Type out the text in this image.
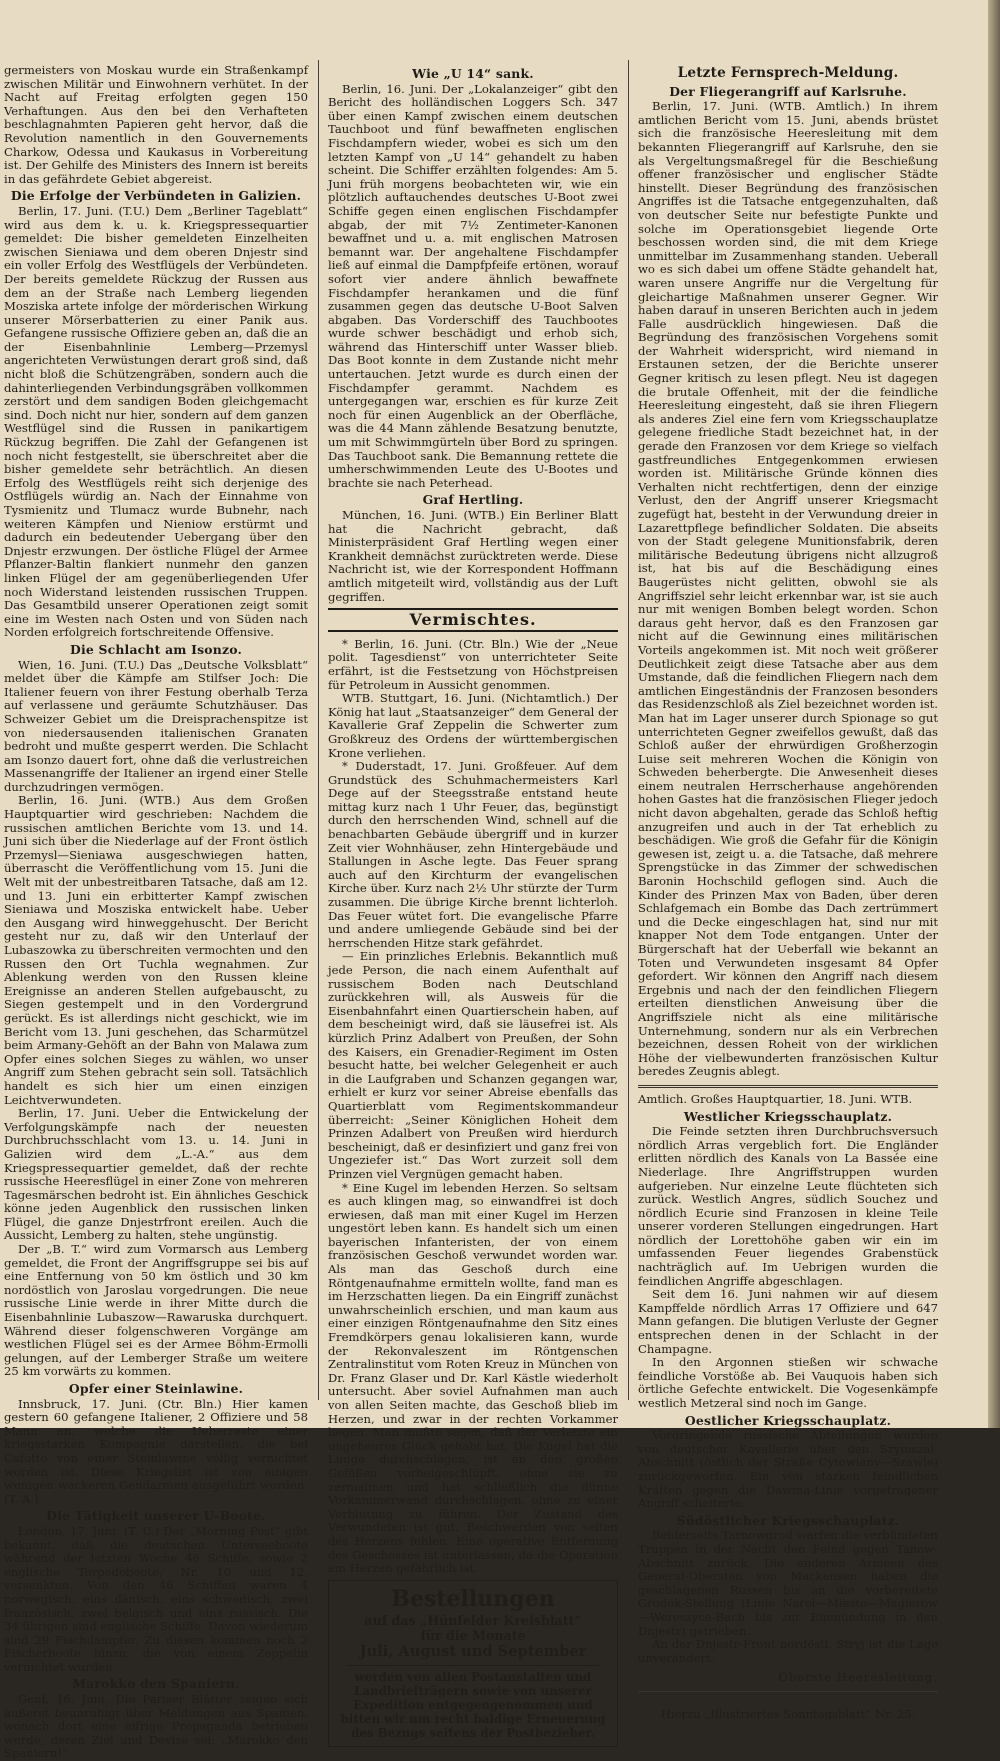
germeisters von Moskau wurde ein Straßenkampf zwischen Militär und Einwohnern verhütet. In der Nacht auf Freitag erfolgten gegen 150 Verhaftungen. Aus den bei den Verhafteten beschlagnahmten Papieren geht hervor, daß die Revolution namentlich in den Gouvernements Charkow, Odessa und Kaukasus in Vorbereitung ist. Der Gehilfe des Ministers des Innern ist bereits in das gefährdete Gebiet abgereist.

Die Erfolge der Verbündeten in Galizien.

Berlin, 17. Juni. (T.U.) Dem „Berliner Tageblatt“ wird aus dem k. u. k. Kriegspressequartier gemeldet: Die bisher gemeldeten Einzelheiten zwischen Sieniawa und dem oberen Dnjestr sind ein voller Erfolg des Westflügels der Verbündeten. Der bereits gemeldete Rückzug der Russen aus dem an der Straße nach Lemberg liegenden Mosziska artete infolge der mörderischen Wirkung unserer Mörserbatterien zu einer Panik aus. Gefangene russische Offiziere geben an, daß die an der Eisenbahnlinie Lemberg—Przemysl angerichteten Verwüstungen derart groß sind, daß nicht bloß die Schützengräben, sondern auch die dahinterliegenden Verbindungsgräben vollkommen zerstört und dem sandigen Boden gleichgemacht sind. Doch nicht nur hier, sondern auf dem ganzen Westflügel sind die Russen in panikartigem Rückzug begriffen. Die Zahl der Gefangenen ist noch nicht festgestellt, sie überschreitet aber die bisher gemeldete sehr beträchtlich. An diesen Erfolg des Westflügels reiht sich derjenige des Ostflügels würdig an. Nach der Einnahme von Tysmienitz und Tlumacz wurde Bubnehr, nach weiteren Kämpfen und Nieniow erstürmt und dadurch ein bedeutender Uebergang über den Dnjestr erzwungen. Der östliche Flügel der Armee Pflanzer-Baltin flankiert nunmehr den ganzen linken Flügel der am gegenüberliegenden Ufer noch Widerstand leistenden russischen Truppen. Das Gesamtbild unserer Operationen zeigt somit eine im Westen nach Osten und von Süden nach Norden erfolgreich fortschreitende Offensive.

Die Schlacht am Isonzo.

Wien, 16. Juni. (T.U.) Das „Deutsche Volksblatt“ meldet über die Kämpfe am Stilfser Joch: Die Italiener feuern von ihrer Festung oberhalb Terza auf verlassene und geräumte Schutzhäuser. Das Schweizer Gebiet um die Dreisprachenspitze ist von niedersausenden italienischen Granaten bedroht und mußte gesperrt werden. Die Schlacht am Isonzo dauert fort, ohne daß die verlustreichen Massenangriffe der Italiener an irgend einer Stelle durchzudringen vermögen.

Berlin, 16. Juni. (WTB.) Aus dem Großen Hauptquartier wird geschrieben: Nachdem die russischen amtlichen Berichte vom 13. und 14. Juni sich über die Niederlage auf der Front östlich Przemysl—Sieniawa ausgeschwiegen hatten, überrascht die Veröffentlichung vom 15. Juni die Welt mit der unbestreitbaren Tatsache, daß am 12. und 13. Juni ein erbitterter Kampf zwischen Sieniawa und Mosziska entwickelt habe. Ueber den Ausgang wird hinweggehuscht. Der Bericht gesteht nur zu, daß wir den Unterlauf der Lubaszowka zu überschreiten vermochten und den Russen den Ort Tuchla wegnahmen. Zur Ablenkung werden von den Russen kleine Ereignisse an anderen Stellen aufgebauscht, zu Siegen gestempelt und in den Vordergrund gerückt. Es ist allerdings nicht geschickt, wie im Bericht vom 13. Juni geschehen, das Scharmützel beim Armany-Gehöft an der Bahn von Malawa zum Opfer eines solchen Sieges zu wählen, wo unser Angriff zum Stehen gebracht sein soll. Tatsächlich handelt es sich hier um einen einzigen Leichtverwundeten.

Berlin, 17. Juni. Ueber die Entwickelung der Verfolgungskämpfe nach der neuesten Durchbruchsschlacht vom 13. u. 14. Juni in Galizien wird dem „L.-A.“ aus dem Kriegspressequartier gemeldet, daß der rechte russische Heeresflügel in einer Zone von mehreren Tagesmärschen bedroht ist. Ein ähnliches Geschick könne jeden Augenblick den russischen linken Flügel, die ganze Dnjestrfront ereilen. Auch die Aussicht, Lemberg zu halten, stehe ungünstig.

Der „B. T.“ wird zum Vormarsch aus Lemberg gemeldet, die Front der Angriffsgruppe sei bis auf eine Entfernung von 50 km östlich und 30 km nordöstlich von Jaroslau vorgedrungen. Die neue russische Linie werde in ihrer Mitte durch die Eisenbahnlinie Lubaszow—Rawaruska durchquert. Während dieser folgenschweren Vorgänge am westlichen Flügel sei es der Armee Böhm-Ermolli gelungen, auf der Lemberger Straße um weitere 25 km vorwärts zu kommen.

Opfer einer Steinlawine.

Innsbruck, 17. Juni. (Ctr. Bln.) Hier kamen gestern 60 gefangene Italiener, 2 Offiziere und 58 Mann an, welche die Ueberreste einer kriegsstarken Kompagnie darstellen, die bei Cafotto von einer Steinlawine völlig vernichtet worden ist. Diese Kriegslist ist von einigen wenigen wackeren Gendarmen ausgeführt worden. (T. A.)

Die Tätigkeit unserer U-Boote.

London, 17. Juni. (T. U.) Der „Morning Post“ gibt bekannt, daß die deutschen Unterseeboote während der letzten Woche 46 Schiffe, sowie 2 englische Torpedoboote, Nr. 10 und 12, versenkten. Von den 46 Schiffen waren 4 norwegisch, eins dänisch, eins schwedisch, zwei französisch, zwei belgisch und eins russisch. Die 34 übrigen sind englische Schiffe. Davon wiederum sind 29 Fischdampfer. Zu diesen kommen noch 2 Fischerboote hinzu, die von einem Zeppelin vernichtet wurden.

Marokko den Spaniern.

Genf, 16. Juni. Die Pariser Blätter zeigen sich äußerst beunruhigt über Meldungen aus Spanien, wonach dort eine eifrige Propaganda betrieben werde, deren Ziel und Devise sei: „Marokko den Spaniern!“

Wie „U 14“ sank.

Berlin, 16. Juni. Der „Lokalanzeiger“ gibt den Bericht des holländischen Loggers Sch. 347 über einen Kampf zwischen einem deutschen Tauchboot und fünf bewaffneten englischen Fischdampfern wieder, wobei es sich um den letzten Kampf von „U 14“ gehandelt zu haben scheint. Die Schiffer erzählten folgendes: Am 5. Juni früh morgens beobachteten wir, wie ein plötzlich auftauchendes deutsches U-Boot zwei Schiffe gegen einen englischen Fischdampfer abgab, der mit 7½ Zentimeter-Kanonen bewaffnet und u. a. mit englischen Matrosen bemannt war. Der angehaltene Fischdampfer ließ auf einmal die Dampfpfeife ertönen, worauf sofort vier andere ähnlich bewaffnete Fischdampfer herankamen und die fünf zusammen gegen das deutsche U-Boot Salven abgaben. Das Vorderschiff des Tauchbootes wurde schwer beschädigt und erhob sich, während das Hinterschiff unter Wasser blieb. Das Boot konnte in dem Zustande nicht mehr untertauchen. Jetzt wurde es durch einen der Fischdampfer gerammt. Nachdem es untergegangen war, erschien es für kurze Zeit noch für einen Augenblick an der Oberfläche, was die 44 Mann zählende Besatzung benutzte, um mit Schwimmgürteln über Bord zu springen. Das Tauchboot sank. Die Bemannung rettete die umherschwimmenden Leute des U-Bootes und brachte sie nach Peterhead.

Graf Hertling.

München, 16. Juni. (WTB.) Ein Berliner Blatt hat die Nachricht gebracht, daß Ministerpräsident Graf Hertling wegen einer Krankheit demnächst zurücktreten werde. Diese Nachricht ist, wie der Korrespondent Hoffmann amtlich mitgeteilt wird, vollständig aus der Luft gegriffen.

Vermischtes.

* Berlin, 16. Juni. (Ctr. Bln.) Wie der „Neue polit. Tagesdienst“ von unterrichteter Seite erfährt, ist die Festsetzung von Höchstpreisen für Petroleum in Aussicht genommen.

WTB. Stuttgart, 16. Juni. (Nichtamtlich.) Der König hat laut „Staatsanzeiger“ dem General der Kavallerie Graf Zeppelin die Schwerter zum Großkreuz des Ordens der württembergischen Krone verliehen.

* Duderstadt, 17. Juni. Großfeuer. Auf dem Grundstück des Schuhmachermeisters Karl Dege auf der Steegsstraße entstand heute mittag kurz nach 1 Uhr Feuer, das, begünstigt durch den herrschenden Wind, schnell auf die benachbarten Gebäude übergriff und in kurzer Zeit vier Wohnhäuser, zehn Hintergebäude und Stallungen in Asche legte. Das Feuer sprang auch auf den Kirchturm der evangelischen Kirche über. Kurz nach 2½ Uhr stürzte der Turm zusammen. Die übrige Kirche brennt lichterloh. Das Feuer wütet fort. Die evangelische Pfarre und andere umliegende Gebäude sind bei der herrschenden Hitze stark gefährdet.

— Ein prinzliches Erlebnis. Bekanntlich muß jede Person, die nach einem Aufenthalt auf russischem Boden nach Deutschland zurückkehren will, als Ausweis für die Eisenbahnfahrt einen Quartierschein haben, auf dem bescheinigt wird, daß sie läusefrei ist. Als kürzlich Prinz Adalbert von Preußen, der Sohn des Kaisers, ein Grenadier-Regiment im Osten besucht hatte, bei welcher Gelegenheit er auch in die Laufgraben und Schanzen gegangen war, erhielt er kurz vor seiner Abreise ebenfalls das Quartierblatt vom Regimentskommandeur überreicht: „Seiner Königlichen Hoheit dem Prinzen Adalbert von Preußen wird hierdurch bescheinigt, daß er desinfiziert und ganz frei von Ungeziefer ist.“ Das Wort zurzeit soll dem Prinzen viel Vergnügen gemacht haben.

* Eine Kugel im lebenden Herzen. So seltsam es auch klingen mag, so einwandfrei ist doch erwiesen, daß man mit einer Kugel im Herzen ungestört leben kann. Es handelt sich um einen bayerischen Infanteristen, der von einem französischen Geschoß verwundet worden war. Als man das Geschoß durch eine Röntgenaufnahme ermitteln wollte, fand man es im Herzschatten liegen. Da ein Eingriff zunächst unwahrscheinlich erschien, und man kaum aus einer einzigen Röntgenaufnahme den Sitz eines Fremdkörpers genau lokalisieren kann, wurde der Rekonvaleszent im Röntgenschen Zentralinstitut vom Roten Kreuz in München von Dr. Franz Glaser und Dr. Karl Kästle wiederholt untersucht. Aber soviel Aufnahmen man auch von allen Seiten machte, das Geschoß blieb im Herzen, und zwar in der rechten Vorkammer liegen. Man mußte sagen, daß der Verletzte ein ungeheures Glück gehabt hat. Die Kugel hat die Lunge durchschlagen, ist an den großen Gefäßen vorbeigeschlüpft, ohne sie zu zermalmen und hat schließlich die dünne Vorkammerwand durchschlagen, ohne zu einer Verblutung zu führen. Der Zustand des Verwundeten ist gut, Beschwerden von seiten des Herzens fehlen. Eine operative Entfernung des Geschosses ist unterlassen, da die Operation am Herzen gefährlich ist.

Bestellungen
auf das „Hünfelder Kreisblatt“
für die Monate
Juli, August und September
werden von allen Postanstalten und Landbriefträgern sowie von unserer Expedition entgegengenommen und bitten wir um recht baldige Erneuerung des Bezugs seitens der Postbezieher.
Letzte Fernsprech-Meldung.
Der Fliegerangriff auf Karlsruhe.

Berlin, 17. Juni. (WTB. Amtlich.) In ihrem amtlichen Bericht vom 15. Juni, abends brüstet sich die französische Heeresleitung mit dem bekannten Fliegerangriff auf Karlsruhe, den sie als Vergeltungsmaßregel für die Beschießung offener französischer und englischer Städte hinstellt. Dieser Begründung des französischen Angriffes ist die Tatsache entgegenzuhalten, daß von deutscher Seite nur befestigte Punkte und solche im Operationsgebiet liegende Orte beschossen worden sind, die mit dem Kriege unmittelbar im Zusammenhang standen. Ueberall wo es sich dabei um offene Städte gehandelt hat, waren unsere Angriffe nur die Vergeltung für gleichartige Maßnahmen unserer Gegner. Wir haben darauf in unseren Berichten auch in jedem Falle ausdrücklich hingewiesen. Daß die Begründung des französischen Vorgehens somit der Wahrheit widerspricht, wird niemand in Erstaunen setzen, der die Berichte unserer Gegner kritisch zu lesen pflegt. Neu ist dagegen die brutale Offenheit, mit der die feindliche Heeresleitung eingesteht, daß sie ihren Fliegern als anderes Ziel eine fern vom Kriegsschauplatze gelegene friedliche Stadt bezeichnet hat, in der gerade den Franzosen vor dem Kriege so vielfach gastfreundliches Entgegenkommen erwiesen worden ist. Militärische Gründe können dies Verhalten nicht rechtfertigen, denn der einzige Verlust, den der Angriff unserer Kriegsmacht zugefügt hat, besteht in der Verwundung dreier in Lazarettpflege befindlicher Soldaten. Die abseits von der Stadt gelegene Munitionsfabrik, deren militärische Bedeutung übrigens nicht allzugroß ist, hat bis auf die Beschädigung eines Baugerüstes nicht gelitten, obwohl sie als Angriffsziel sehr leicht erkennbar war, ist sie auch nur mit wenigen Bomben belegt worden. Schon daraus geht hervor, daß es den Franzosen gar nicht auf die Gewinnung eines militärischen Vorteils angekommen ist. Mit noch weit größerer Deutlichkeit zeigt diese Tatsache aber aus dem Umstande, daß die feindlichen Fliegern nach dem amtlichen Eingeständnis der Franzosen besonders das Residenzschloß als Ziel bezeichnet worden ist. Man hat im Lager unserer durch Spionage so gut unterrichteten Gegner zweifellos gewußt, daß das Schloß außer der ehrwürdigen Großherzogin Luise seit mehreren Wochen die Königin von Schweden beherbergte. Die Anwesenheit dieses einem neutralen Herrscherhause angehörenden hohen Gastes hat die französischen Flieger jedoch nicht davon abgehalten, gerade das Schloß heftig anzugreifen und auch in der Tat erheblich zu beschädigen. Wie groß die Gefahr für die Königin gewesen ist, zeigt u. a. die Tatsache, daß mehrere Sprengstücke in das Zimmer der schwedischen Baronin Hochschild geflogen sind. Auch die Kinder des Prinzen Max von Baden, über deren Schlafgemach ein Bombe das Dach zertrümmert und die Decke eingeschlagen hat, sind nur mit knapper Not dem Tode entgangen. Unter der Bürgerschaft hat der Ueberfall wie bekannt an Toten und Verwundeten insgesamt 84 Opfer gefordert. Wir können den Angriff nach diesem Ergebnis und nach der den feindlichen Fliegern erteilten dienstlichen Anweisung über die Angriffsziele nicht als eine militärische Unternehmung, sondern nur als ein Verbrechen bezeichnen, dessen Roheit von der wirklichen Höhe der vielbewunderten französischen Kultur beredes Zeugnis ablegt.

Amtlich. Großes Hauptquartier, 18. Juni. WTB.

Westlicher Kriegsschauplatz.

Die Feinde setzten ihren Durchbruchsversuch nördlich Arras vergeblich fort. Die Engländer erlitten nördlich des Kanals von La Bassée eine Niederlage. Ihre Angriffstruppen wurden aufgerieben. Nur einzelne Leute flüchteten sich zurück. Westlich Angres, südlich Souchez und nördlich Ecurie sind Franzosen in kleine Teile unserer vorderen Stellungen eingedrungen. Hart nördlich der Lorettohöhe gaben wir ein im umfassenden Feuer liegendes Grabenstück nachträglich auf. Im Uebrigen wurden die feindlichen Angriffe abgeschlagen.

Seit dem 16. Juni nahmen wir auf diesem Kampffelde nördlich Arras 17 Offiziere und 647 Mann gefangen. Die blutigen Verluste der Gegner entsprechen denen in der Schlacht in der Champagne.

In den Argonnen stießen wir schwache feindliche Vorstöße ab. Bei Vauquois haben sich örtliche Gefechte entwickelt. Die Vogesenkämpfe westlich Metzeral sind noch im Gange.

Oestlicher Kriegsschauplatz.

Vordringende russische Abteilungen wurden von deutscher Kavallerie über den Szymszal-Abschnitt (östlich der Straße Cytowiany—Szawle) zurückgeworfen. Ein von starken feindlichen Kräften gegen die Dawina-Linie vorgetragener Angriff scheiterte.

Südöstlicher Kriegsschauplatz.

Beiderseits Tarnowgrod warfen die verbündeten Truppen in der Nacht den Feind gegen Tanew-Abschnitt zurück. Die anderen Armeen des General-Obersten von Mackensen haben die geschlagenen Russen bis an die vorbereitete Grodek-Stellung (Linie Narol—Miasto—Magierow—Wereszyca-Bach bis zur Einmündung in den Dnjestr) getrieben.

An der Dnjestr-Front nordöstl. Stryj ist die Lage unverändert.

Oberste Heeresleitung.
Hierzu „Illustriertes Sonntagsblatt“ Nr. 25.
